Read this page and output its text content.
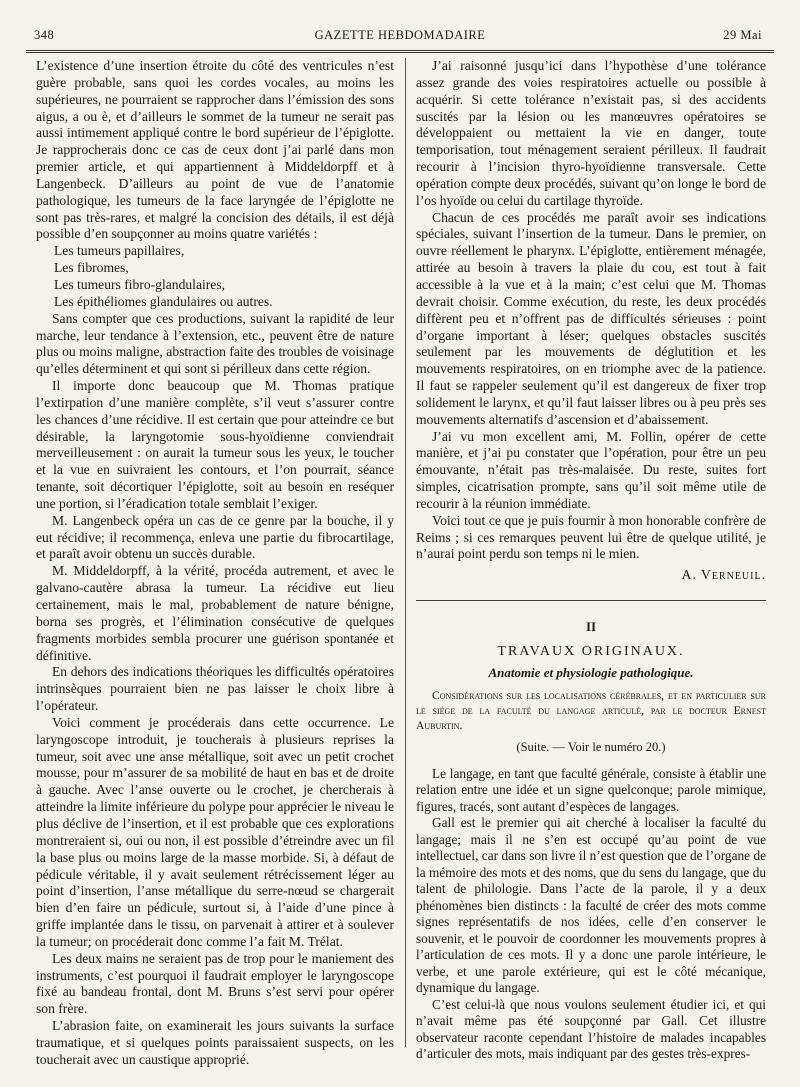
348	GAZETTE HEBDOMADAIRE	29 Mai

L’existence d’une insertion étroite du côté des ventricules n’est guère probable, sans quoi les cordes vocales, au moins les supérieures, ne pourraient se rapprocher dans l’émission des sons aigus, a ou è, et d’ailleurs le sommet de la tumeur ne serait pas aussi intimement appliqué contre le bord supérieur de l’épiglotte. Je rapprocherais donc ce cas de ceux dont j’ai parlé dans mon premier article, et qui appartiennent à Middeldorpff et à Langenbeck. D’ailleurs au point de vue de l’anatomie pathologique, les tumeurs de la face laryngée de l’épiglotte ne sont pas très-rares, et malgré la concision des détails, il est déjà possible d’en soupçonner au moins quatre variétés :

Les tumeurs papillaires,
Les fibromes,
Les tumeurs fibro-glandulaires,
Les épithéliomes glandulaires ou autres.

Sans compter que ces productions, suivant la rapidité de leur marche, leur tendance à l’extension, etc., peuvent être de nature plus ou moins maligne, abstraction faite des troubles de voisinage qu’elles déterminent et qui sont si périlleux dans cette région.

Il importe donc beaucoup que M. Thomas pratique l’extirpation d’une manière complète, s’il veut s’assurer contre les chances d’une récidive. Il est certain que pour atteindre ce but désirable, la laryngotomie sous-hyoïdienne conviendrait merveilleusement : on aurait la tumeur sous les yeux, le toucher et la vue en suivraient les contours, et l’on pourrait, séance tenante, soit décortiquer l’épiglotte, soit au besoin en reséquer une portion, si l’éradication totale semblait l’exiger.

M. Langenbeck opéra un cas de ce genre par la bouche, il y eut récidive; il recommença, enleva une partie du fibrocartilage, et paraît avoir obtenu un succès durable.

M. Middeldorpff, à la vérité, procéda autrement, et avec le galvano-cautère abrasa la tumeur. La récidive eut lieu certainement, mais le mal, probablement de nature bénigne, borna ses progrès, et l’élimination consécutive de quelques fragments morbides sembla procurer une guérison spontanée et définitive.

En dehors des indications théoriques les difficultés opératoires intrinsèques pourraient bien ne pas laisser le choix libre à l’opérateur.

Voici comment je procéderais dans cette occurrence. Le laryngoscope introduit, je toucherais à plusieurs reprises la tumeur, soit avec une anse métallique, soit avec un petit crochet mousse, pour m’assurer de sa mobilité de haut en bas et de droite à gauche. Avec l’anse ouverte ou le crochet, je chercherais à atteindre la limite inférieure du polype pour apprécier le niveau le plus déclive de l’insertion, et il est probable que ces explorations montreraient si, oui ou non, il est possible d’étreindre avec un fil la base plus ou moins large de la masse morbide. Si, à défaut de pédicule véritable, il y avait seulement rétrécissement léger au point d’insertion, l’anse métallique du serre-nœud se chargerait bien d’en faire un pédicule, surtout si, à l’aide d’une pince à griffe implantée dans le tissu, on parvenait à attirer et à soulever la tumeur; on procéderait donc comme l’a fait M. Trélat.

Les deux mains ne seraient pas de trop pour le maniement des instruments, c’est pourquoi il faudrait employer le laryngoscope fixé au bandeau frontal, dont M. Bruns s’est servi pour opérer son frère.

L’abrasion faite, on examinerait les jours suivants la surface traumatique, et si quelques points paraissaient suspects, on les toucherait avec un caustique approprié.

J’ai raisonné jusqu’ici dans l’hypothèse d’une tolérance assez grande des voies respiratoires actuelle ou possible à acquérir. Si cette tolérance n’existait pas, si des accidents suscités par la lésion ou les manœuvres opératoires se développaient ou mettaient la vie en danger, toute temporisation, tout ménagement seraient périlleux. Il faudrait recourir à l’incision thyro-hyoïdienne transversale. Cette opération compte deux procédés, suivant qu’on longe le bord de l’os hyoïde ou celui du cartilage thyroïde.

Chacun de ces procédés me paraît avoir ses indications spéciales, suivant l’insertion de la tumeur. Dans le premier, on ouvre réellement le pharynx. L’épiglotte, entièrement ménagée, attirée au besoin à travers la plaie du cou, est tout à fait accessible à la vue et à la main; c’est celui que M. Thomas devrait choisir. Comme exécution, du reste, les deux procédés diffèrent peu et n’offrent pas de difficultés sérieuses : point d’organe important à léser; quelques obstacles suscités seulement par les mouvements de déglutition et les mouvements respiratoires, on en triomphe avec de la patience. Il faut se rappeler seulement qu’il est dangereux de fixer trop solidement le larynx, et qu’il faut laisser libres ou à peu près ses mouvements alternatifs d’ascension et d’abaissement.

J’ai vu mon excellent ami, M. Follin, opérer de cette manière, et j’ai pu constater que l’opération, pour être un peu émouvante, n’était pas très-malaisée. Du reste, suites fort simples, cicatrisation prompte, sans qu’il soit même utile de recourir à la réunion immédiate.

Voici tout ce que je puis fournir à mon honorable confrère de Reims ; si ces remarques peuvent lui être de quelque utilité, je n’aurai point perdu son temps ni le mien.

A. Verneuil.
II
TRAVAUX ORIGINAUX.
Anatomie et physiologie pathologique.

Considérations sur les localisations cérébrales, et en particulier sur le siége de la faculté du langage articulé, par le docteur Ernest Auburtin.

(Suite. — Voir le numéro 20.)

Le langage, en tant que faculté générale, consiste à établir une relation entre une idée et un signe quelconque; parole mimique, figures, tracés, sont autant d’espèces de langages.

Gall est le premier qui ait cherché à localiser la faculté du langage; mais il ne s’en est occupé qu’au point de vue intellectuel, car dans son livre il n’est question que de l’organe de la mémoire des mots et des noms, que du sens du langage, que du talent de philologie. Dans l’acte de la parole, il y a deux phénomènes bien distincts : la faculté de créer des mots comme signes représentatifs de nos idées, celle d’en conserver le souvenir, et le pouvoir de coordonner les mouvements propres à l’articulation de ces mots. Il y a donc une parole intérieure, le verbe, et une parole extérieure, qui est le côté mécanique, dynamique du langage.

C’est celui-là que nous voulons seulement étudier ici, et qui n’avait même pas été soupçonné par Gall. Cet illustre observateur raconte cependant l’histoire de malades incapables d’articuler des mots, mais indiquant par des gestes très-expres-
